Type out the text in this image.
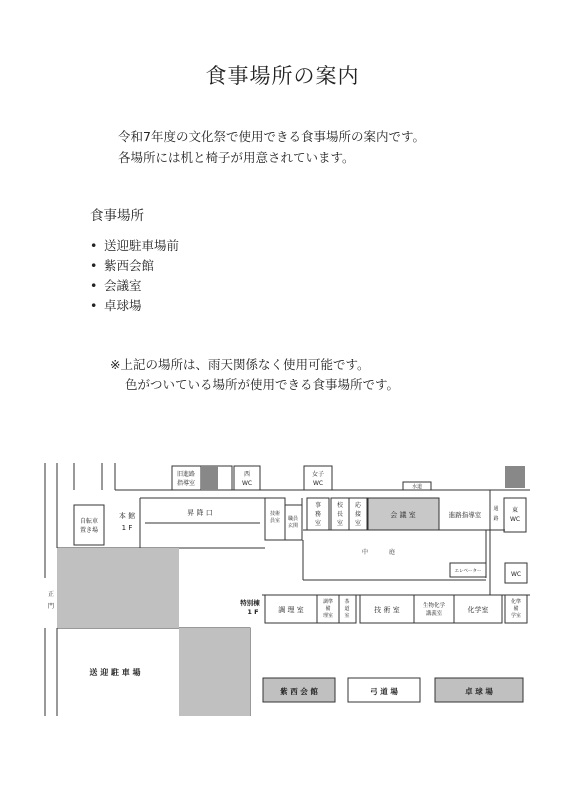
食事場所の案内
令和7年度の文化祭で使用できる食事場所の案内です。
各場所には机と椅子が用意されています。
食事場所
• 送迎駐車場前
• 紫西会館
• 会議室
• 卓球場
※上記の場所は、雨天関係なく使用可能です。
色がついている場所が使用できる食事場所です。
旧進路
指導室
西
WC
女子
WC	水道
自転車
置き場
本 館
1 F
昇 降 口	技術
員室 職員
玄関
事
務
室
校
長
室
応
接
室
会 議 室	進路指導室
通
路
東
WC
中	庭
エレベーター	WC
正
門	特別棟
1 F	調 理 室
調準
備
理室
茶
道
室
技 術 室	生物化学
講義室	化学室
化準
備
学室
送 迎 駐 車 場
紫 西 会 館	弓 道 場	卓 球 場
